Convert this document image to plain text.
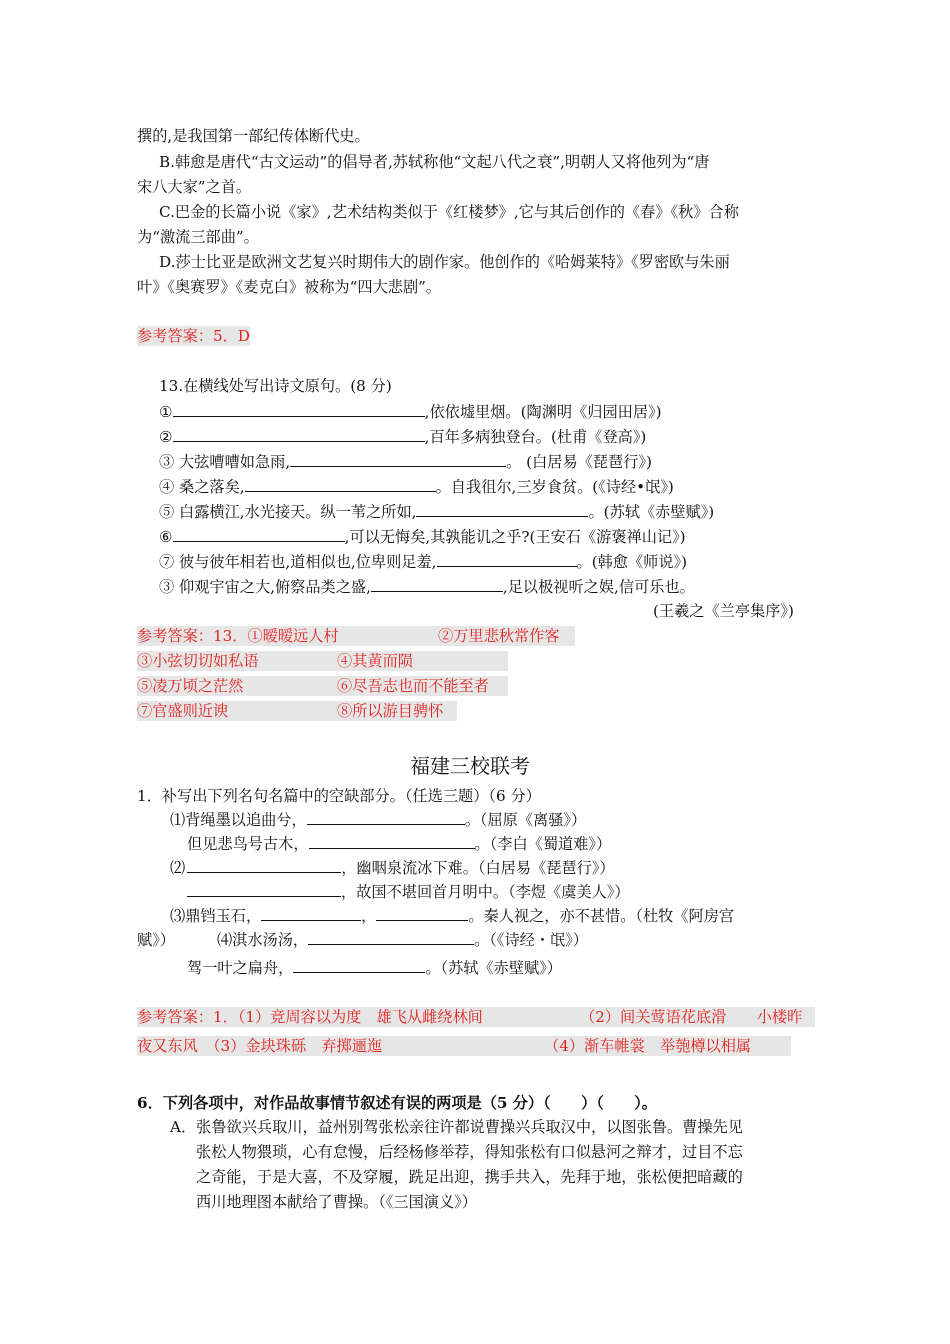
撰的,是我国第一部纪传体断代史。
B.韩愈是唐代“古文运动”的倡导者,苏轼称他“文起八代之衰”,明朝人又将他列为“唐
宋八大家”之首。
C.巴金的长篇小说《家》,艺术结构类似于《红楼梦》,它与其后创作的《春》《秋》合称
为“激流三部曲”。
D.莎士比亚是欧洲文艺复兴时期伟大的剧作家。他创作的《哈姆莱特》《罗密欧与朱丽
叶》《奥赛罗》《麦克白》被称为“四大悲剧”。
参考答案：5．D
13.在横线处写出诗文原句。(8 分)
①	,依依墟里烟。(陶渊明《归园田居》)
②	,百年多病独登台。(杜甫《登高》)
③ 大弦嘈嘈如急雨,	。 (白居易《琵琶行》)
④ 桑之落矣,	。自我徂尔,三岁食贫。(《诗经•氓》)
⑤ 白露横江,水光接天。纵一苇之所如,	。(苏轼《赤壁赋》)
⑥	,可以无悔矣,其孰能讥之乎?(王安石《游褒禅山记》)
⑦ 彼与彼年相若也,道相似也,位卑则足羞,	。(韩愈《师说》)
③ 仰观宇宙之大,俯察品类之盛,	,足以极视听之娱,信可乐也。
(王羲之《兰亭集序》)
参考答案：13．①暧暧远人村	②万里悲秋常作客
③小弦切切如私语	④其黄而陨
⑤凌万顷之茫然	⑥尽吾志也而不能至者
⑦官盛则近谀	⑧所以游目骋怀
福建三校联考
1．补写出下列名句名篇中的空缺部分。（任选三题）（6 分）
⑴背绳墨以追曲兮，	。（屈原《离骚》）
但见悲鸟号古木，	。（李白《蜀道难》）
⑵	，幽咽泉流冰下难。（白居易《琵琶行》）
，故国不堪回首月明中。（李煜《虞美人》）
⑶鼎铛玉石，	，	。秦人视之，亦不甚惜。（杜牧《阿房宫
赋》）	⑷淇水汤汤，	。（《诗经・氓》）
驾一叶之扁舟，	。（苏轼《赤壁赋》）
参考答案：1．（1）竞周容以为度　雄飞从雌绕林间	（2）间关莺语花底滑　　小楼昨
夜又东风　（3）金块珠砾　弃掷逦迤	（4）渐车帷裳　举匏樽以相属
6．下列各项中，对作品故事情节叙述有误的两项是（5 分）（　　）（　　）。
A．张鲁欲兴兵取川，益州别驾张松亲往许都说曹操兴兵取汉中，以图张鲁。曹操先见
张松人物猥琐，心有怠慢，后经杨修举荐，得知张松有口似悬河之辩才，过目不忘
之奇能，于是大喜，不及穿履，跣足出迎，携手共入，先拜于地，张松便把暗藏的
西川地理图本献给了曹操。（《三国演义》）
